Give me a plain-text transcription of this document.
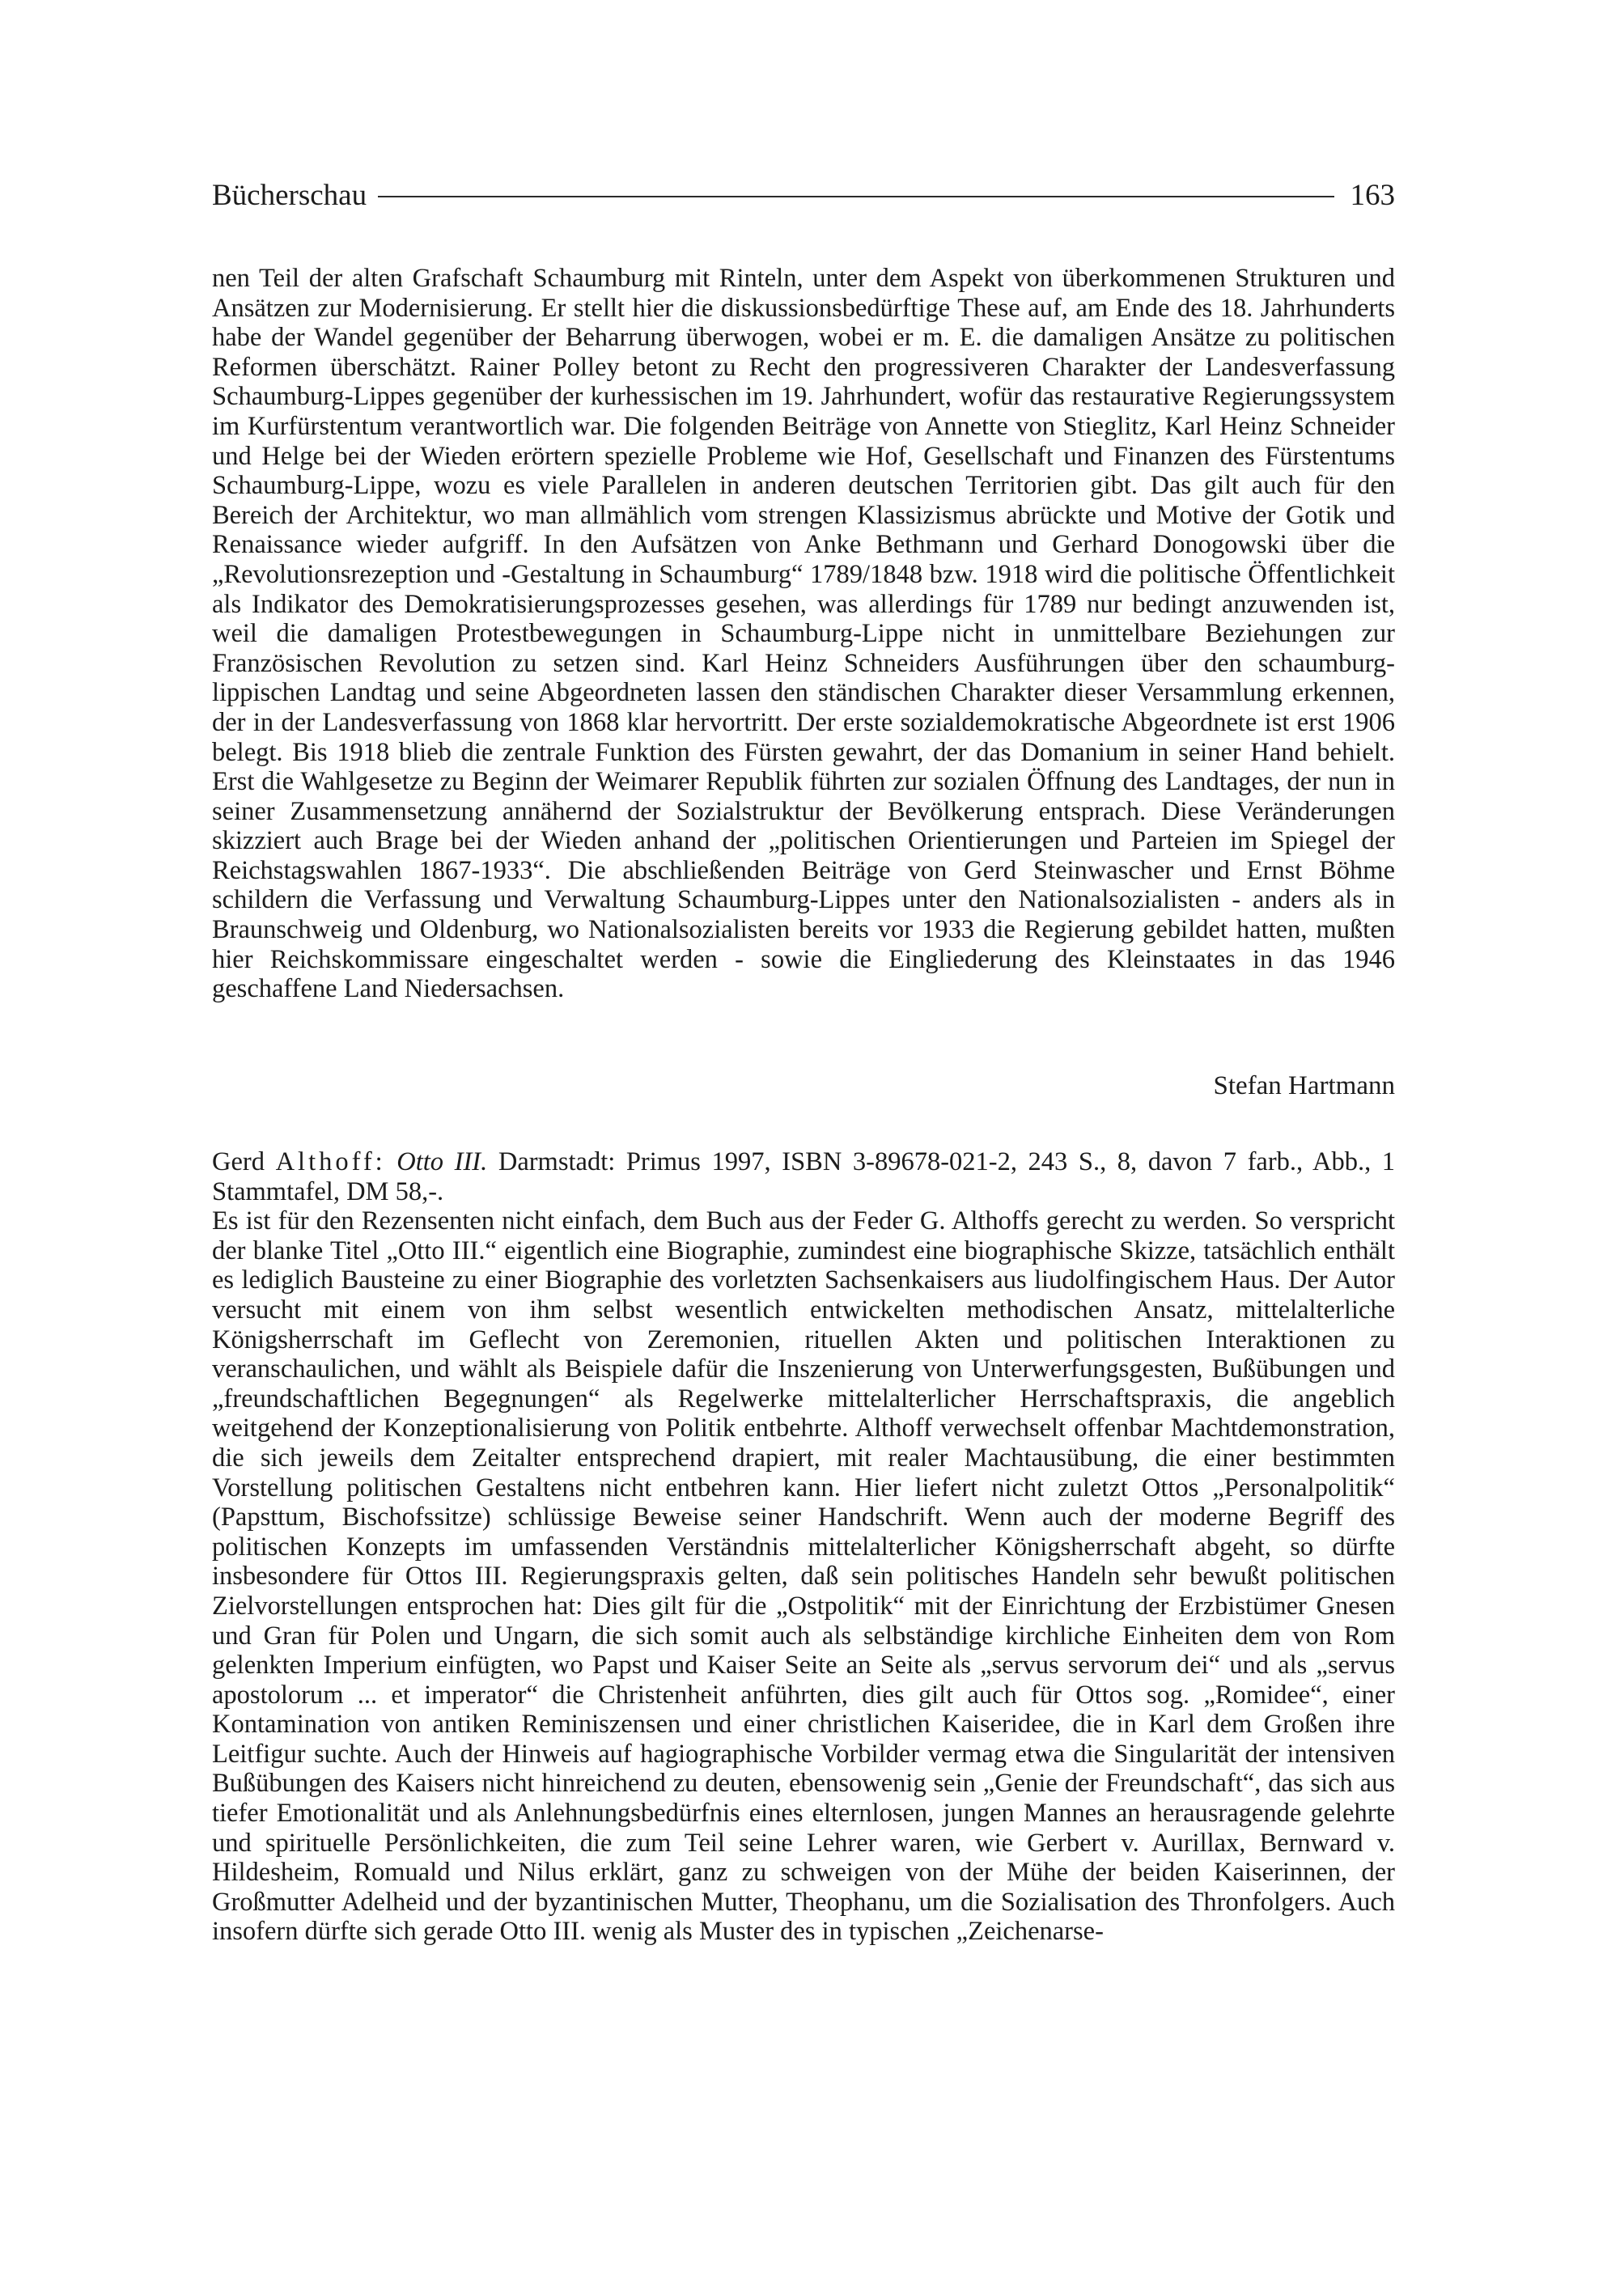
Bücherschau	163

nen Teil der alten Grafschaft Schaumburg mit Rinteln, unter dem Aspekt von überkommenen Strukturen und Ansätzen zur Modernisierung. Er stellt hier die diskussionsbedürftige These auf, am Ende des 18. Jahrhunderts habe der Wandel gegenüber der Beharrung überwogen, wobei er m. E. die damaligen Ansätze zu politischen Reformen überschätzt. Rainer Polley betont zu Recht den progressiveren Charakter der Landesverfassung Schaumburg-Lippes gegenüber der kurhessischen im 19. Jahrhundert, wofür das restaurative Regierungssystem im Kurfürstentum verantwortlich war. Die folgenden Beiträge von Annette von Stieglitz, Karl Heinz Schneider und Helge bei der Wieden erörtern spezielle Probleme wie Hof, Gesellschaft und Finanzen des Fürstentums Schaumburg-Lippe, wozu es viele Parallelen in anderen deutschen Territorien gibt. Das gilt auch für den Bereich der Architektur, wo man allmählich vom strengen Klassizismus abrückte und Motive der Gotik und Renaissance wieder aufgriff. In den Aufsätzen von Anke Bethmann und Gerhard Donogowski über die „Revolutionsrezeption und -Gestaltung in Schaumburg“ 1789/1848 bzw. 1918 wird die politische Öffentlichkeit als Indikator des Demokratisierungsprozesses gesehen, was allerdings für 1789 nur bedingt anzuwenden ist, weil die damaligen Protestbewegungen in Schaumburg-Lippe nicht in unmittelbare Beziehungen zur Französischen Revolution zu setzen sind. Karl Heinz Schneiders Ausführungen über den schaumburg-lippischen Landtag und seine Abgeordneten lassen den ständischen Charakter dieser Versammlung erkennen, der in der Landesverfassung von 1868 klar hervortritt. Der erste sozialdemokratische Abgeordnete ist erst 1906 belegt. Bis 1918 blieb die zentrale Funktion des Fürsten gewahrt, der das Domanium in seiner Hand behielt. Erst die Wahlgesetze zu Beginn der Weimarer Republik führten zur sozialen Öffnung des Landtages, der nun in seiner Zusammensetzung annähernd der Sozialstruktur der Bevölkerung entsprach. Diese Veränderungen skizziert auch Brage bei der Wieden anhand der „politischen Orientierungen und Parteien im Spiegel der Reichstagswahlen 1867-1933“. Die abschließenden Beiträge von Gerd Steinwascher und Ernst Böhme schildern die Verfassung und Verwaltung Schaumburg-Lippes unter den Nationalsozialisten - anders als in Braunschweig und Oldenburg, wo Nationalsozialisten bereits vor 1933 die Regierung gebildet hatten, mußten hier Reichskommissare eingeschaltet werden - sowie die Eingliederung des Kleinstaates in das 1946 geschaffene Land Niedersachsen.

Stefan Hartmann

Gerd Althoff: Otto III. Darmstadt: Primus 1997, ISBN 3-89678-021-2, 243 S., 8, davon 7 farb., Abb., 1 Stammtafel, DM 58,-.

Es ist für den Rezensenten nicht einfach, dem Buch aus der Feder G. Althoffs gerecht zu werden. So verspricht der blanke Titel „Otto III.“ eigentlich eine Biographie, zumindest eine biographische Skizze, tatsächlich enthält es lediglich Bausteine zu einer Biographie des vorletzten Sachsenkaisers aus liudolfingischem Haus. Der Autor versucht mit einem von ihm selbst wesentlich entwickelten methodischen Ansatz, mittelalterliche Königsherrschaft im Geflecht von Zeremonien, rituellen Akten und politischen Interaktionen zu veranschaulichen, und wählt als Beispiele dafür die Inszenierung von Unterwerfungsgesten, Bußübungen und „freundschaftlichen Begegnungen“ als Regelwerke mittelalterlicher Herrschaftspraxis, die angeblich weitgehend der Konzeptionalisierung von Politik entbehrte. Althoff verwechselt offenbar Machtdemonstration, die sich jeweils dem Zeitalter entsprechend drapiert, mit realer Machtausübung, die einer bestimmten Vorstellung politischen Gestaltens nicht entbehren kann. Hier liefert nicht zuletzt Ottos „Personalpolitik“ (Papsttum, Bischofssitze) schlüssige Beweise seiner Handschrift. Wenn auch der moderne Begriff des politischen Konzepts im umfassenden Verständnis mittelalterlicher Königsherrschaft abgeht, so dürfte insbesondere für Ottos III. Regierungspraxis gelten, daß sein politisches Handeln sehr bewußt politischen Zielvorstellungen entsprochen hat: Dies gilt für die „Ostpolitik“ mit der Einrichtung der Erzbistümer Gnesen und Gran für Polen und Ungarn, die sich somit auch als selbständige kirchliche Einheiten dem von Rom gelenkten Imperium einfügten, wo Papst und Kaiser Seite an Seite als „servus servorum dei“ und als „servus apostolorum ... et imperator“ die Christenheit anführten, dies gilt auch für Ottos sog. „Romidee“, einer Kontamination von antiken Reminiszensen und einer christlichen Kaiseridee, die in Karl dem Großen ihre Leitfigur suchte. Auch der Hinweis auf hagiographische Vorbilder vermag etwa die Singularität der intensiven Bußübungen des Kaisers nicht hinreichend zu deuten, ebensowenig sein „Genie der Freundschaft“, das sich aus tiefer Emotionalität und als Anlehnungsbedürfnis eines elternlosen, jungen Mannes an herausragende gelehrte und spirituelle Persönlichkeiten, die zum Teil seine Lehrer waren, wie Gerbert v. Aurillax, Bernward v. Hildesheim, Romuald und Nilus erklärt, ganz zu schweigen von der Mühe der beiden Kaiserinnen, der Großmutter Adelheid und der byzantinischen Mutter, Theophanu, um die Sozialisation des Thronfolgers. Auch insofern dürfte sich gerade Otto III. wenig als Muster des in typischen „Zeichenarse-
